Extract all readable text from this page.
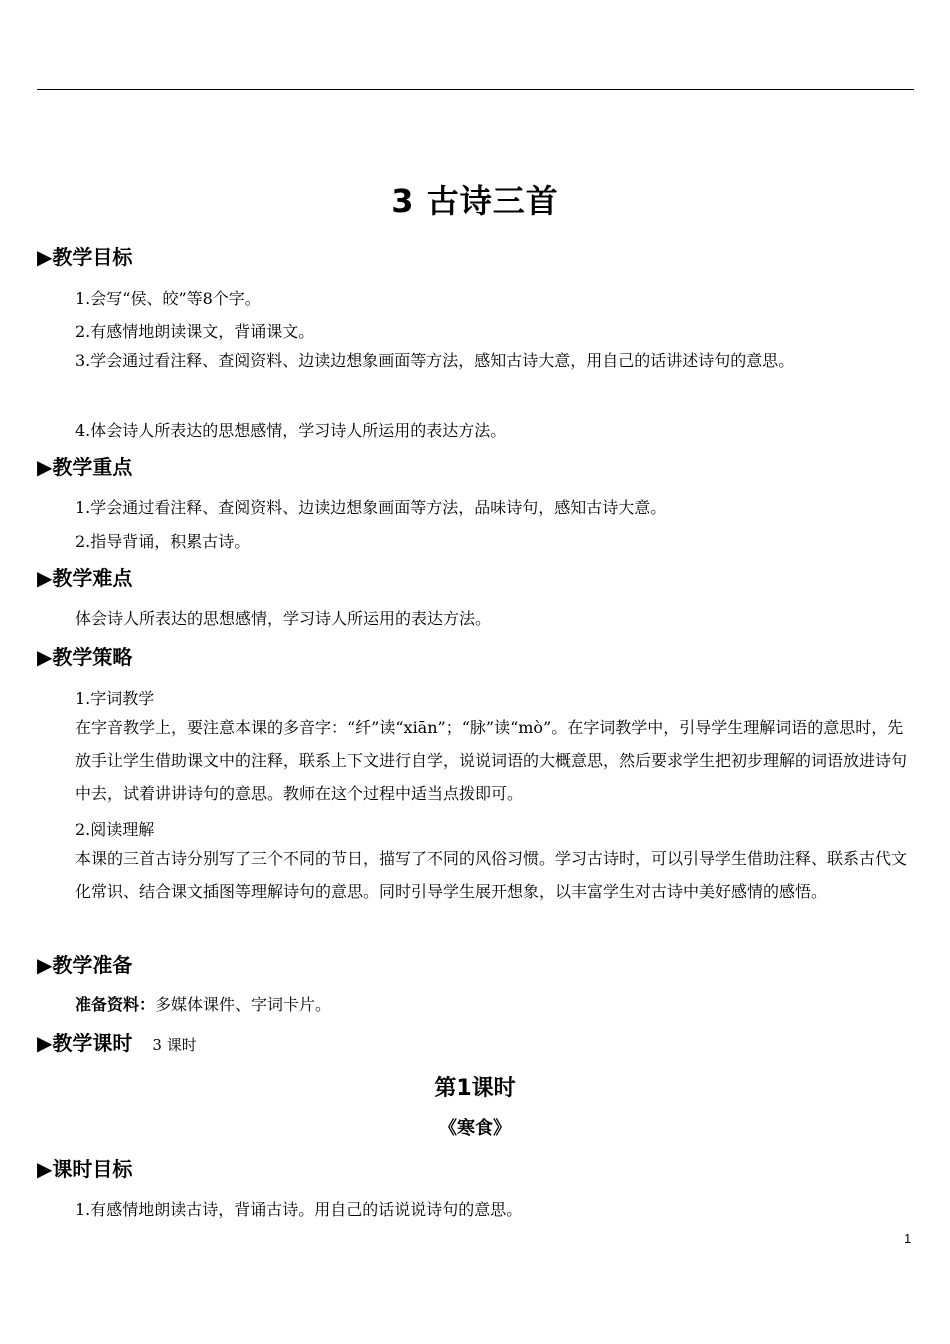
3 古诗三首
▶教学目标
1.会写“侯、皎”等8个字。
2.有感情地朗读课文，背诵课文。
3.学会通过看注释、查阅资料、边读边想象画面等方法，感知古诗大意，用自己的话讲述诗句的意思。
4.体会诗人所表达的思想感情，学习诗人所运用的表达方法。
▶教学重点
1.学会通过看注释、查阅资料、边读边想象画面等方法，品味诗句，感知古诗大意。
2.指导背诵，积累古诗。
▶教学难点
体会诗人所表达的思想感情，学习诗人所运用的表达方法。
▶教学策略
1.字词教学
在字音教学上，要注意本课的多音字：“纤”读“xiān”；“脉”读“mò”。在字词教学中，引导学生理解词语的意思时，先放手让学生借助课文中的注释，联系上下文进行自学，说说词语的大概意思，然后要求学生把初步理解的词语放进诗句中去，试着讲讲诗句的意思。教师在这个过程中适当点拨即可。
2.阅读理解
本课的三首古诗分别写了三个不同的节日，描写了不同的风俗习惯。学习古诗时，可以引导学生借助注释、联系古代文化常识、结合课文插图等理解诗句的意思。同时引导学生展开想象，以丰富学生对古诗中美好感情的感悟。
▶教学准备
准备资料：多媒体课件、字词卡片。
▶教学课时 3 课时
第1课时
《寒食》
▶课时目标
1.有感情地朗读古诗，背诵古诗。用自己的话说说诗句的意思。
1
